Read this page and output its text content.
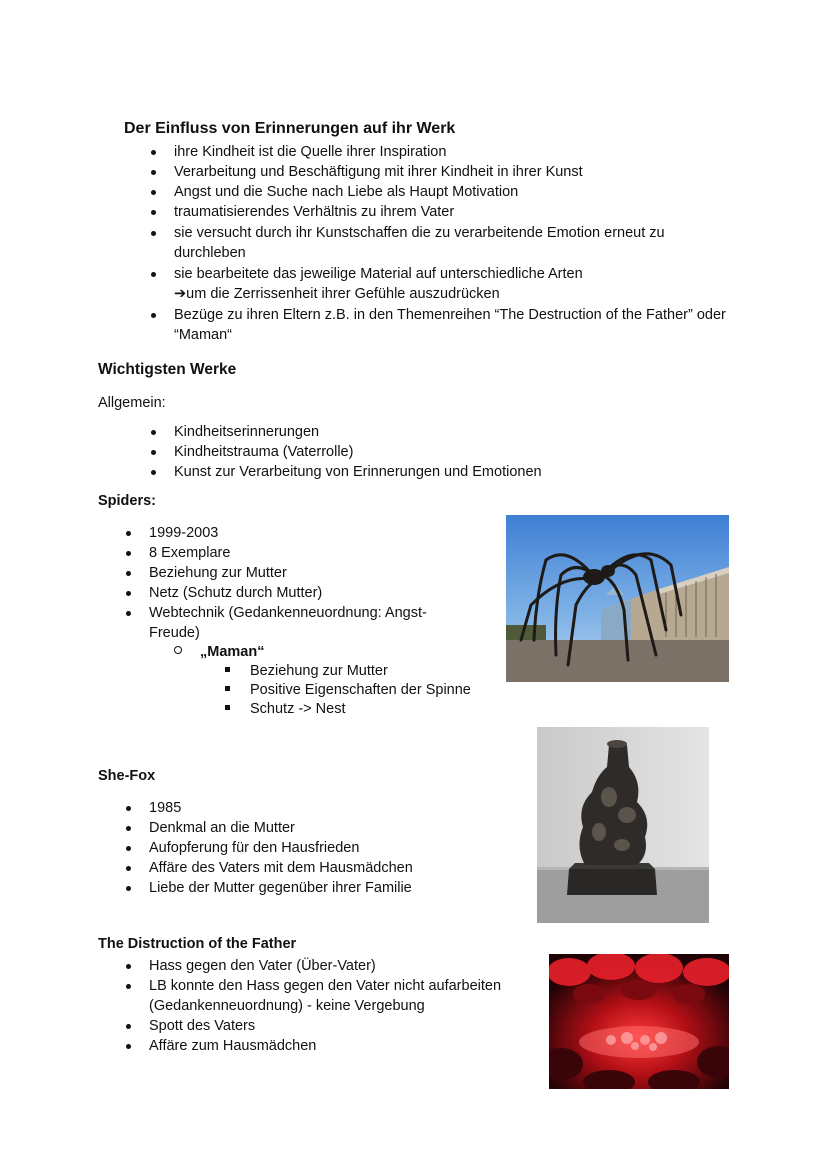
Der Einfluss von Erinnerungen auf ihr Werk
ihre Kindheit ist die Quelle ihrer Inspiration
Verarbeitung und Beschäftigung mit ihrer Kindheit in ihrer Kunst
Angst und die Suche nach Liebe als Haupt Motivation
traumatisierendes Verhältnis zu ihrem Vater
sie versucht durch ihr Kunstschaffen die zu verarbeitende Emotion erneut zu durchleben
sie bearbeitete das jeweilige Material auf unterschiedliche Arten
➔um die Zerrissenheit ihrer Gefühle auszudrücken
Bezüge zu ihren Eltern z.B. in den Themenreihen “The Destruction of the Father” oder “Maman“
Wichtigsten Werke
Allgemein:
Kindheitserinnerungen
Kindheitstrauma (Vaterrolle)
Kunst zur Verarbeitung von Erinnerungen und Emotionen
Spiders:
1999-2003
8 Exemplare
Beziehung zur Mutter
Netz (Schutz durch Mutter)
Webtechnik (Gedankenneuordnung: Angst-Freude)
„Maman“
Beziehung zur Mutter
Positive Eigenschaften der Spinne
Schutz -> Nest
She-Fox
1985
Denkmal an die Mutter
Aufopferung für den Hausfrieden
Affäre des Vaters mit dem Hausmädchen
Liebe der Mutter gegenüber ihrer Familie
The Distruction of the Father
Hass gegen den Vater (Über-Vater)
LB konnte den Hass gegen den Vater nicht aufarbeiten (Gedankenneuordnung) - keine Vergebung
Spott des Vaters
Affäre zum Hausmädchen
